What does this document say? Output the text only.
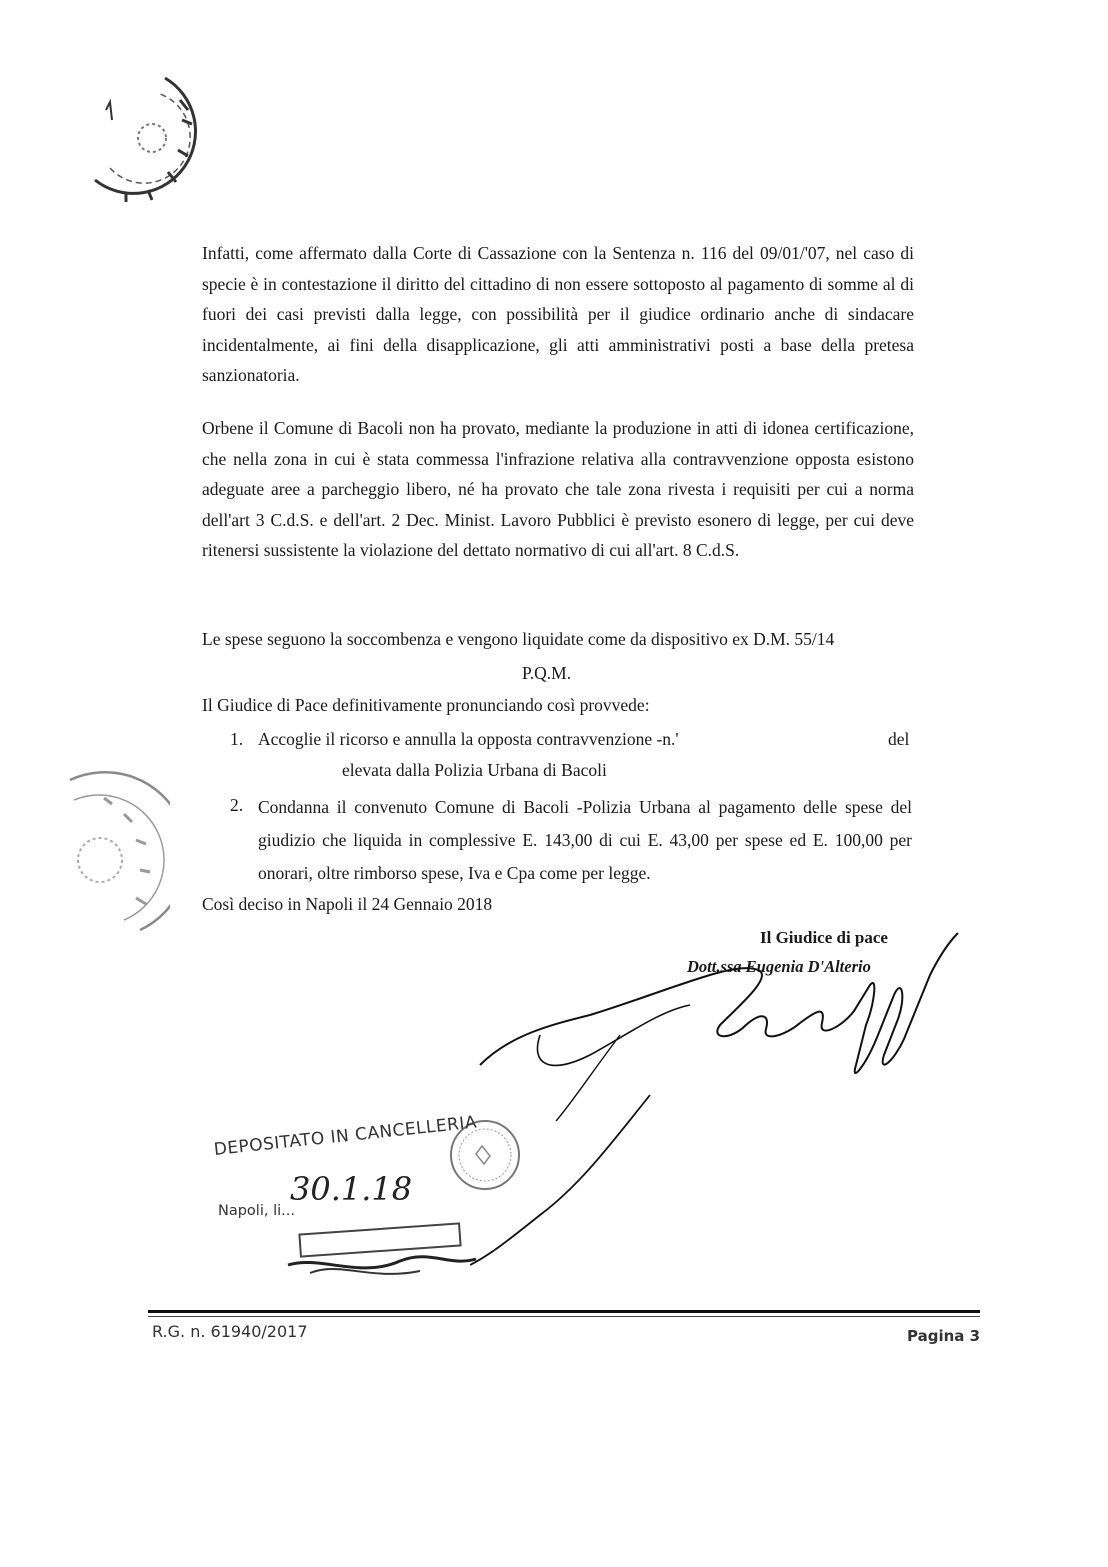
Infatti, come affermato dalla Corte di Cassazione con la Sentenza n. 116 del 09/01/'07, nel caso di specie è in contestazione il diritto del cittadino di non essere sottoposto al pagamento di somme al di fuori dei casi previsti dalla legge, con possibilità per il giudice ordinario anche di sindacare incidentalmente, ai fini della disapplicazione, gli atti amministrativi posti a base della pretesa sanzionatoria.

Orbene il Comune di Bacoli non ha provato, mediante la produzione in atti di idonea certificazione, che nella zona in cui è stata commessa l'infrazione relativa alla contravvenzione opposta esistono adeguate aree a parcheggio libero, né ha provato che tale zona rivesta i requisiti per cui a norma dell'art 3 C.d.S. e dell'art. 2 Dec. Minist. Lavoro Pubblici è previsto esonero di legge, per cui deve ritenersi sussistente la violazione del dettato normativo di cui all'art. 8 C.d.S.

Le spese seguono la soccombenza e vengono liquidate come da dispositivo ex D.M. 55/14

P.Q.M.
Il Giudice di Pace definitivamente pronunciando così provvede:
1. Accoglie il ricorso e annulla la opposta contravvenzione -n.'	del
elevata dalla Polizia Urbana di Bacoli
2. Condanna il convenuto Comune di Bacoli -Polizia Urbana al pagamento delle spese del giudizio che liquida in complessive E. 143,00 di cui E. 43,00 per spese ed E. 100,00 per onorari, oltre rimborso spese, Iva e Cpa come per legge.

Così deciso in Napoli il 24 Gennaio 2018
Il Giudice di pace
Dott.ssa Eugenia D'Alterio
DEPOSITATO IN CANCELLERIA
Napoli, li...
30.1.18
R.G. n. 61940/2017	Pagina 3
